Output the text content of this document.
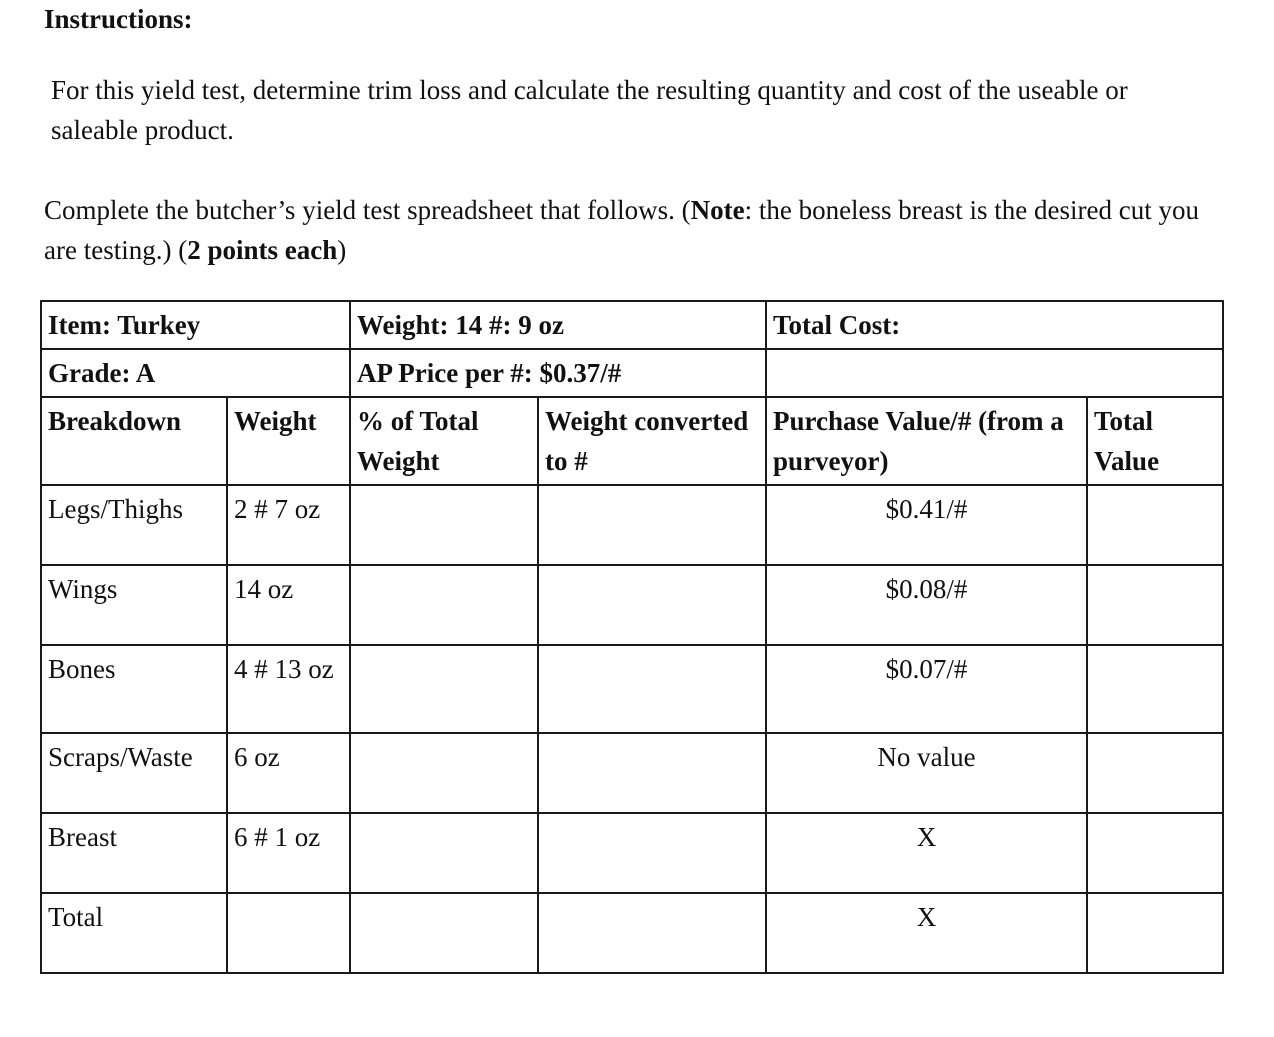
Instructions:

For this yield test, determine trim loss and calculate the resulting quantity and cost of the useable or saleable product.

Complete the butcher’s yield test spreadsheet that follows. (Note: the boneless breast is the desired cut you are testing.) (2 points each)

Item: Turkey		Weight: 14 #: 9 oz		Total Cost:	

Grade: A		AP Price per #: $0.37/#			

Breakdown	Weight	% of Total Weight	Weight converted to #	Purchase Value/# (from a purveyor)	Total Value

Legs/Thighs	2 # 7 oz			$0.41/#	

Wings	14 oz			$0.08/#	

Bones	4 # 13 oz			$0.07/#	

Scraps/Waste	6 oz			No value	

Breast	6 # 1 oz			X	

Total				X	
